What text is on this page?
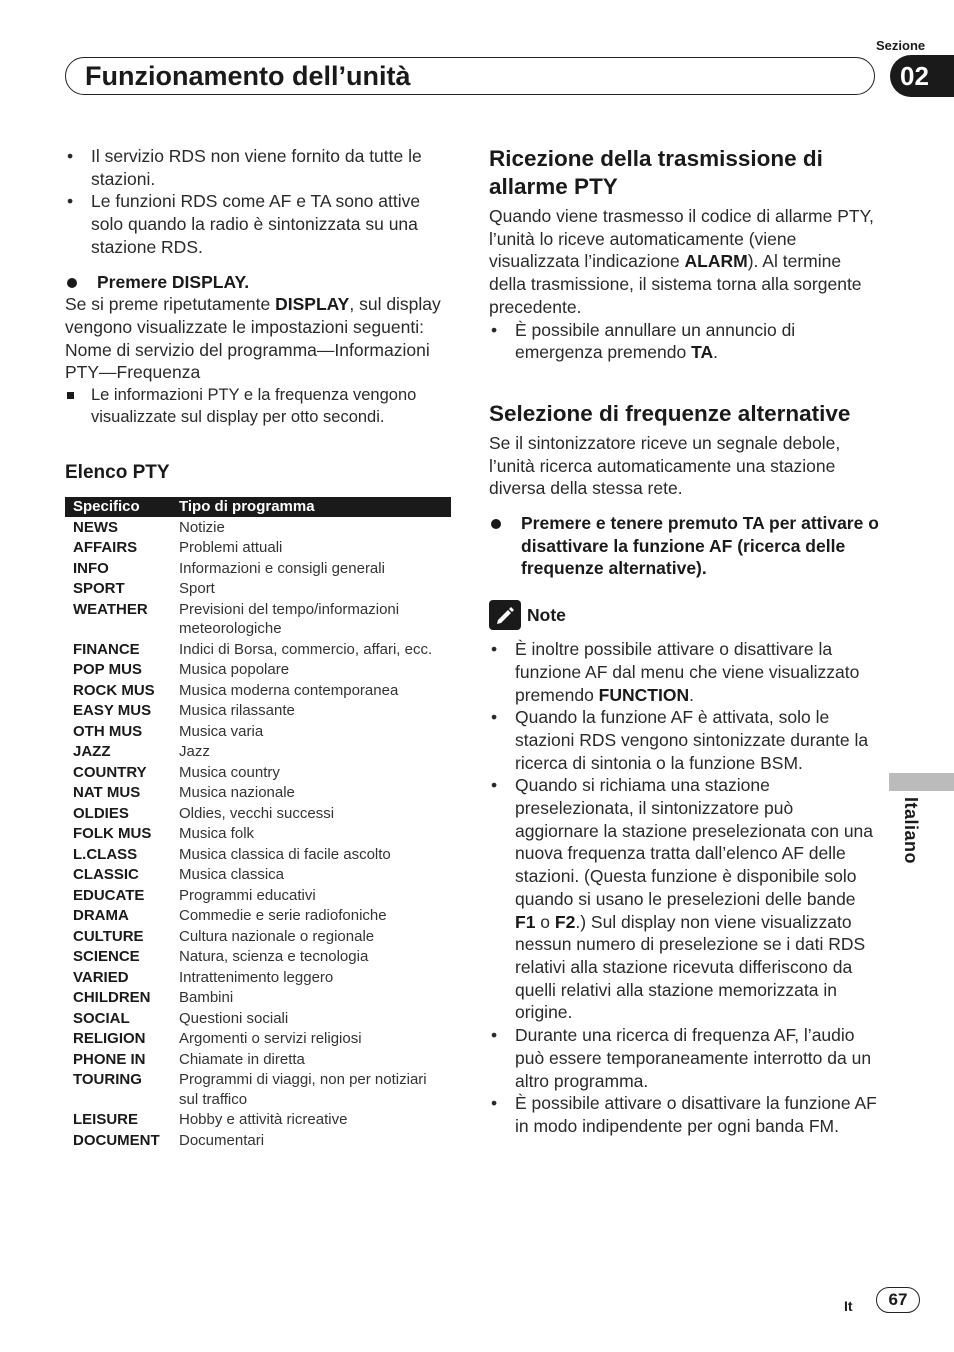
Sezione
Funzionamento dell’unità	02
• Il servizio RDS non viene fornito da tutte le stazioni.
• Le funzioni RDS come AF e TA sono attive solo quando la radio è sintonizzata su una stazione RDS.
Premere DISPLAY.

Se si preme ripetutamente DISPLAY, sul display vengono visualizzate le impostazioni seguenti:

Nome di servizio del programma—Informazioni PTY—Frequenza

Le informazioni PTY e la frequenza vengono visualizzate sul display per otto secondi.
Elenco PTY
Specifico	Tipo di programma
NEWS	Notizie
AFFAIRS	Problemi attuali
INFO	Informazioni e consigli generali
SPORT	Sport
WEATHER	Previsioni del tempo/informazioni meteorologiche
FINANCE	Indici di Borsa, commercio, affari, ecc.
POP MUS	Musica popolare
ROCK MUS	Musica moderna contemporanea
EASY MUS	Musica rilassante
OTH MUS	Musica varia
JAZZ	Jazz
COUNTRY	Musica country
NAT MUS	Musica nazionale
OLDIES	Oldies, vecchi successi
FOLK MUS	Musica folk
L.CLASS	Musica classica di facile ascolto
CLASSIC	Musica classica
EDUCATE	Programmi educativi
DRAMA	Commedie e serie radiofoniche
CULTURE	Cultura nazionale o regionale
SCIENCE	Natura, scienza e tecnologia
VARIED	Intrattenimento leggero
CHILDREN	Bambini
SOCIAL	Questioni sociali
RELIGION	Argomenti o servizi religiosi
PHONE IN	Chiamate in diretta
TOURING	Programmi di viaggi, non per notiziari sul traffico
LEISURE	Hobby e attività ricreative
DOCUMENT	Documentari
Ricezione della trasmissione di allarme PTY

Quando viene trasmesso il codice di allarme PTY, l’unità lo riceve automaticamente (viene visualizzata l’indicazione ALARM). Al termine della trasmissione, il sistema torna alla sorgente precedente.

• È possibile annullare un annuncio di emergenza premendo TA.
Selezione di frequenze alternative

Se il sintonizzatore riceve un segnale debole, l’unità ricerca automaticamente una stazione diversa della stessa rete.

Premere e tenere premuto TA per attivare o disattivare la funzione AF (ricerca delle frequenze alternative).
Note
• È inoltre possibile attivare o disattivare la funzione AF dal menu che viene visualizzato premendo FUNCTION.
• Quando la funzione AF è attivata, solo le stazioni RDS vengono sintonizzate durante la ricerca di sintonia o la funzione BSM.
• Quando si richiama una stazione preselezionata, il sintonizzatore può aggiornare la stazione preselezionata con una nuova frequenza tratta dall’elenco AF delle stazioni. (Questa funzione è disponibile solo quando si usano le preselezioni delle bande F1 o F2.) Sul display non viene visualizzato nessun numero di preselezione se i dati RDS relativi alla stazione ricevuta differiscono da quelli relativi alla stazione memorizzata in origine.
• Durante una ricerca di frequenza AF, l’audio può essere temporaneamente interrotto da un altro programma.
• È possibile attivare o disattivare la funzione AF in modo indipendente per ogni banda FM.
Italiano
It	67
